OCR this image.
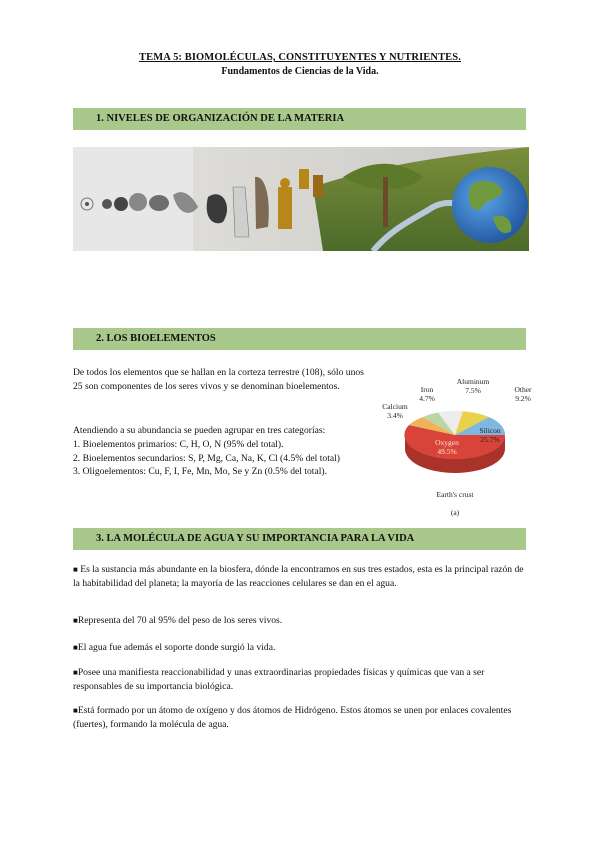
TEMA 5: BIOMOLÉCULAS, CONSTITUYENTES Y NUTRIENTES.
Fundamentos de Ciencias de la Vida.
1. NIVELES DE ORGANIZACIÓN DE LA MATERIA
2. LOS BIOELEMENTOS
De todos los elementos que se hallan en la corteza terrestre (108), sólo unos 25 son componentes de los seres vivos y se denominan bioelementos.
Atendiendo a su abundancia se pueden agrupar en tres categorías:
1. Bioelementos primarios: C, H, O, N (95% del total).
2. Bioelementos secundarios: S, P, Mg, Ca, Na, K, Cl (4.5% del total)
3. Oligoelementos: Cu, F, I, Fe, Mn, Mo, Se y Zn (0.5% del total).
Aluminum
7.5%
Iron
4.7%
Other
9.2%
Calcium
3.4%
Silicon
25.7%
Oxygen
49.5%
Earth's crust
(a)
3. LA MOLÉCULA DE AGUA Y SU IMPORTANCIA PARA LA VIDA
■ Es la sustancia más abundante en la biosfera, dónde la encontramos en sus tres estados, esta es la principal razón de la habitabilidad del planeta; la mayoría de las reacciones celulares se dan en el agua.
■Representa del 70 al 95% del peso de los seres vivos.
■El agua fue además el soporte donde surgió la vida.
■Posee una manifiesta reaccionabilidad y unas extraordinarias propiedades físicas y químicas que van a ser responsables de su importancia biológica.
■Está formado por un átomo de oxígeno y dos átomos de Hidrógeno. Estos átomos se unen por enlaces covalentes (fuertes), formando la molécula de agua.
